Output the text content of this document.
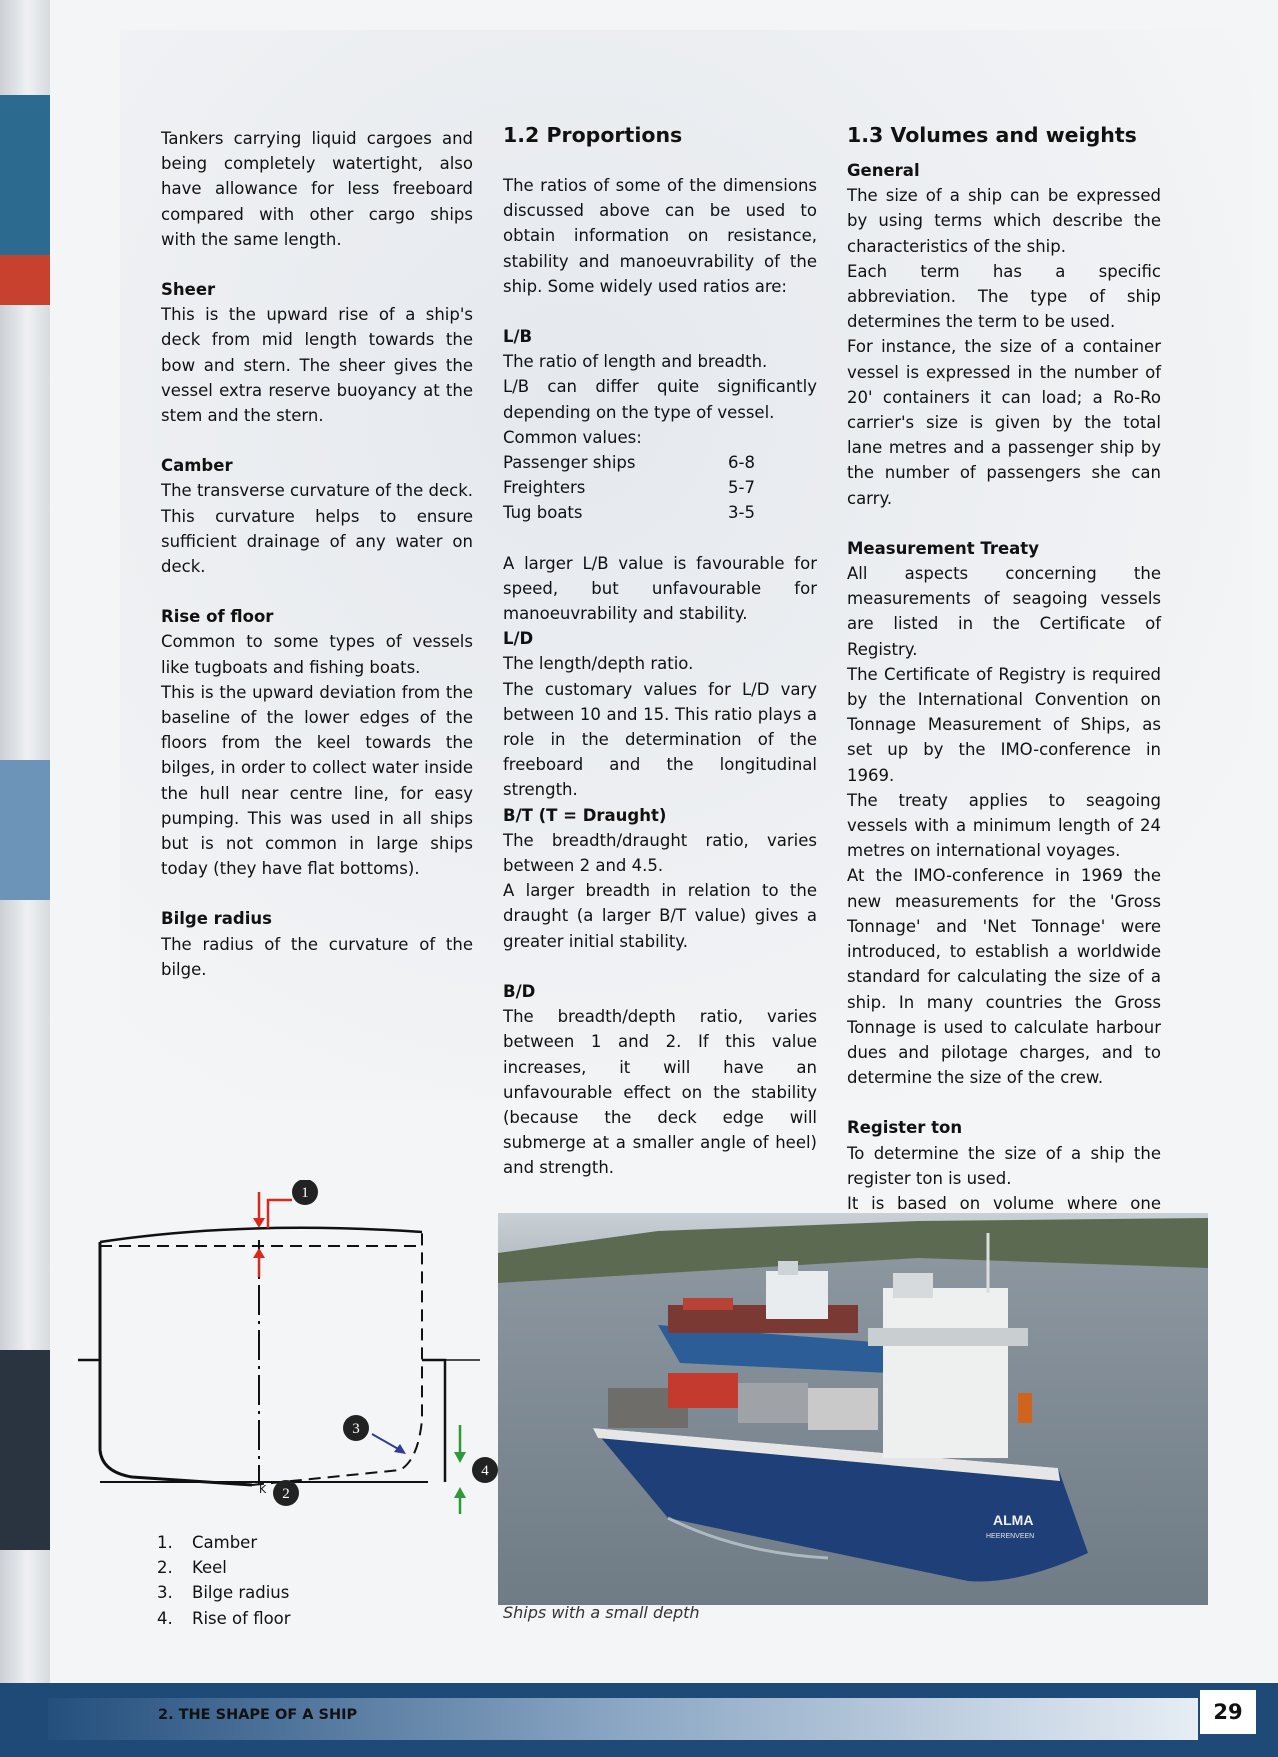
Tankers carrying liquid cargoes and being completely watertight, also have allowance for less freeboard compared with other cargo ships with the same length.

Sheer

This is the upward rise of a ship's deck from mid length towards the bow and stern. The sheer gives the vessel extra reserve buoyancy at the stem and the stern.

Camber

The transverse curvature of the deck. This curvature helps to ensure sufficient drainage of any water on deck.

Rise of floor

Common to some types of vessels like tugboats and fishing boats.

This is the upward deviation from the baseline of the lower edges of the floors from the keel towards the bilges, in order to collect water inside the hull near centre line, for easy pumping. This was used in all ships but is not common in large ships today (they have flat bottoms).

Bilge radius

The radius of the curvature of the bilge.

1.2 Proportions

The ratios of some of the dimensions discussed above can be used to obtain information on resistance, stability and manoeuvrability of the ship. Some widely used ratios are:

L/B

The ratio of length and breadth.

L/B can differ quite significantly depending on the type of vessel.

Common values:

Passenger ships	6-8
Freighters	5-7
Tug boats	3-5

A larger L/B value is favourable for speed, but unfavourable for manoeuvrability and stability.

L/D

The length/depth ratio.

The customary values for L/D vary between 10 and 15. This ratio plays a role in the determination of the freeboard and the longitudinal strength.

B/T (T = Draught)

The breadth/draught ratio, varies between 2 and 4.5.

A larger breadth in relation to the draught (a larger B/T value) gives a greater initial stability.

B/D

The breadth/depth ratio, varies between 1 and 2. If this value increases, it will have an unfavourable effect on the stability (because the deck edge will submerge at a smaller angle of heel) and strength.

1.3 Volumes and weights
General

The size of a ship can be expressed by using terms which describe the characteristics of the ship.

Each term has a specific abbreviation. The type of ship determines the term to be used.

For instance, the size of a container vessel is expressed in the number of 20' containers it can load; a Ro-Ro carrier's size is given by the total lane metres and a passenger ship by the number of passengers she can carry.

Measurement Treaty

All aspects concerning the measurements of seagoing vessels are listed in the Certificate of Registry.

The Certificate of Registry is required by the International Convention on Tonnage Measurement of Ships, as set up by the IMO-conference in 1969.

The treaty applies to seagoing vessels with a minimum length of 24 metres on international voyages.

At the IMO-conference in 1969 the new measurements for the 'Gross Tonnage' and 'Net Tonnage' were introduced, to establish a worldwide standard for calculating the size of a ship. In many countries the Gross Tonnage is used to calculate harbour dues and pilotage charges, and to determine the size of the crew.

Register ton

To determine the size of a ship the register ton is used.

It is based on volume where one

1
2
3
4
K
1.	Camber
2.	Keel
3.	Bilge radius
4.	Rise of floor
ALMA
HEERENVEEN
Ships with a small depth
2. THE SHAPE OF A SHIP	29
